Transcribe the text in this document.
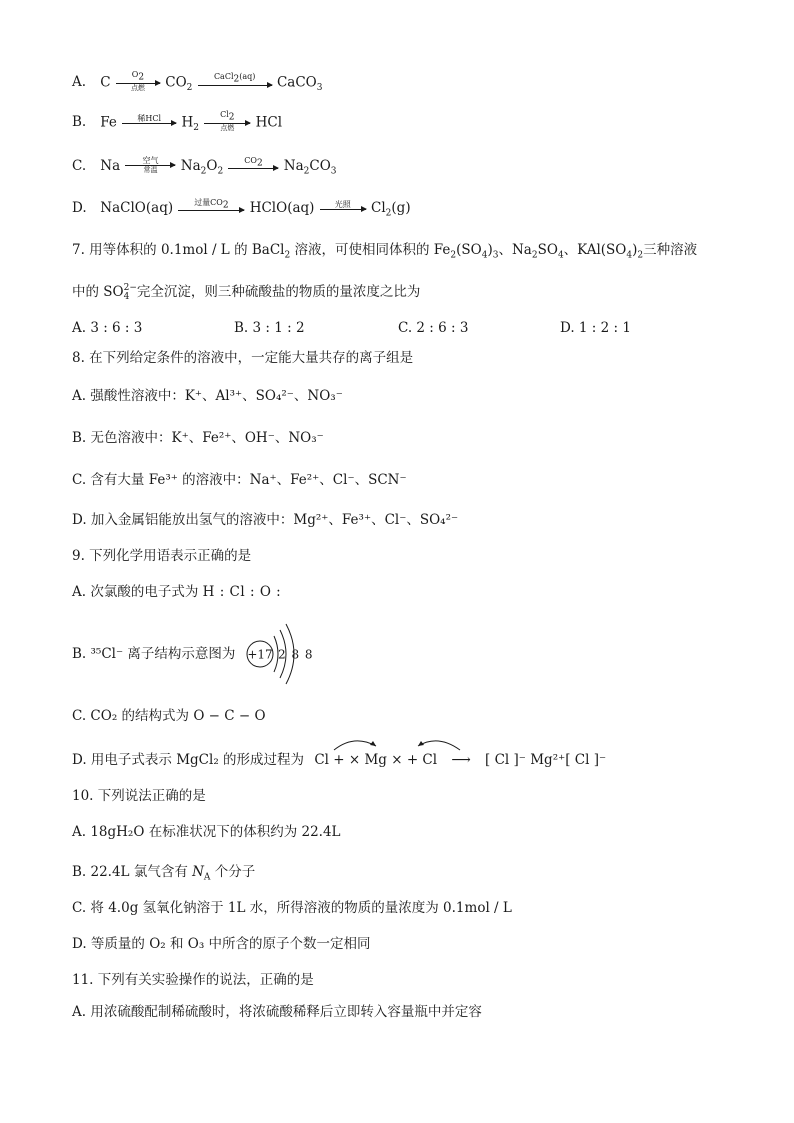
A. C	$O_2$
点燃	$CO_2$
CaCl$_2$(aq)	CaCO$_3$
B. Fe	稀HCl	$H_2$
$Cl_2$
点燃	HCl
C. Na	空气
常温	$Na_2O_2$
$CO_2$	$Na_2CO_3$
D. NaClO(aq)	过量$CO_2$	HClO(aq)	光照	$Cl_2(g)$
7. 用等体积的 0.1mol / L 的 BaCl$_2$ 溶液，可使相同体积的 $Fe_2(SO_4)_3$、$Na_2SO_4$、$KAl(SO_4)_2$三种溶液
中的 SO 2−
4 完全沉淀，则三种硫酸盐的物质的量浓度之比为
A. 3 : 6 : 3	B. 3 : 1 : 2	C. 2 : 6 : 3	D. 1 : 2 : 1
8. 在下列给定条件的溶液中，一定能大量共存的离子组是
A. 强酸性溶液中：K⁺、Al³⁺、SO₄²⁻、NO₃⁻
B. 无色溶液中：K⁺、Fe²⁺、OH⁻、NO₃⁻
C. 含有大量 Fe³⁺ 的溶液中：Na⁺、Fe²⁺、Cl⁻、SCN⁻
D. 加入金属铝能放出氢气的溶液中：Mg²⁺、Fe³⁺、Cl⁻、SO₄²⁻
9. 下列化学用语表示正确的是
A. 次氯酸的电子式为 H : Cl : O :
B. ³⁵Cl⁻ 离子结构示意图为 +17 2 8 8
C. CO₂ 的结构式为 O − C − O
D. 用电子式表示 MgCl₂ 的形成过程为 Cl + × Mg × + Cl ⟶ [ Cl ]⁻ Mg²⁺[ Cl ]⁻
10. 下列说法正确的是
A. 18gH₂O 在标准状况下的体积约为 22.4L
B. 22.4L 氯气含有 $N_A$ 个分子
C. 将 4.0g 氢氧化钠溶于 1L 水，所得溶液的物质的量浓度为 0.1mol / L
D. 等质量的 O₂ 和 O₃ 中所含的原子个数一定相同
11. 下列有关实验操作的说法，正确的是
A. 用浓硫酸配制稀硫酸时，将浓硫酸稀释后立即转入容量瓶中并定容
